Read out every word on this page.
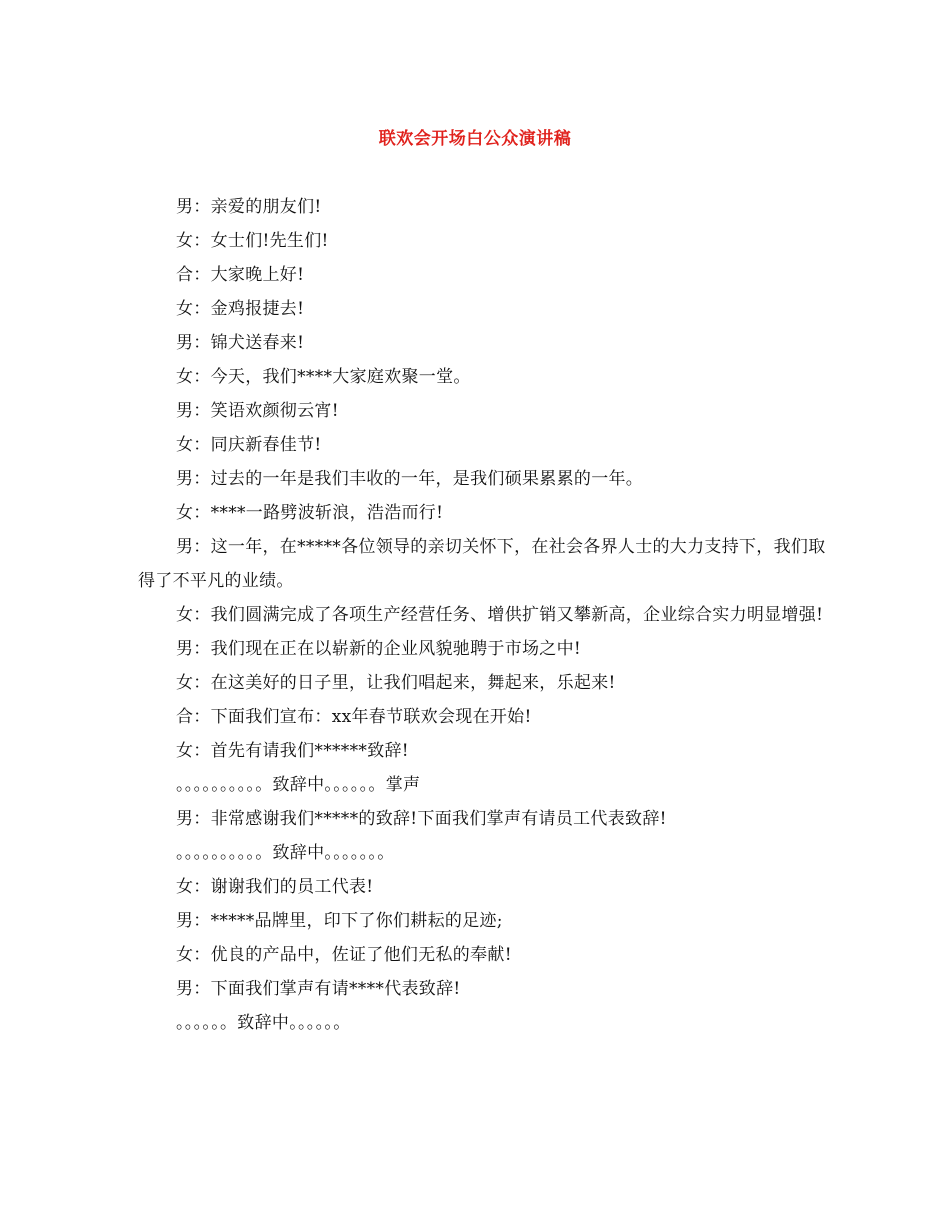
联欢会开场白公众演讲稿

男：亲爱的朋友们!

女：女士们!先生们!

合：大家晚上好!

女：金鸡报捷去!

男：锦犬送春来!

女：今天，我们****大家庭欢聚一堂。

男：笑语欢颜彻云宵!

女：同庆新春佳节!

男：过去的一年是我们丰收的一年，是我们硕果累累的一年。

女：****一路劈波斩浪，浩浩而行!

男：这一年，在*****各位领导的亲切关怀下，在社会各界人士的大力支持下，我们取得了不平凡的业绩。

女：我们圆满完成了各项生产经营任务、增供扩销又攀新高，企业综合实力明显增强!

男：我们现在正在以崭新的企业风貌驰聘于市场之中!

女：在这美好的日子里，让我们唱起来，舞起来，乐起来!

合：下面我们宣布：xx年春节联欢会现在开始!

女：首先有请我们******致辞!

。。。。。。。。。。致辞中。。。。。。掌声

男：非常感谢我们*****的致辞!下面我们掌声有请员工代表致辞!

。。。。。。。。。。致辞中。。。。。。。

女：谢谢我们的员工代表!

男：*****品牌里，印下了你们耕耘的足迹;

女：优良的产品中，佐证了他们无私的奉献!

男：下面我们掌声有请****代表致辞!

。。。。。。致辞中。。。。。。
